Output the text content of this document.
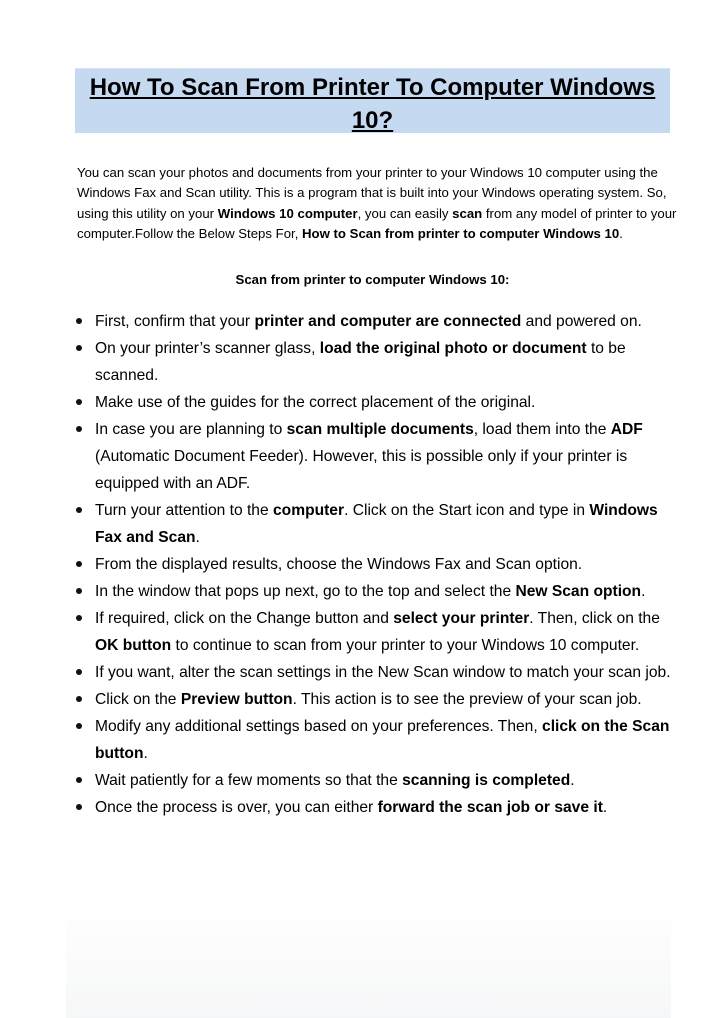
How To Scan From Printer To Computer Windows 10?

You can scan your photos and documents from your printer to your Windows 10 computer using the Windows Fax and Scan utility. This is a program that is built into your Windows operating system. So, using this utility on your Windows 10 computer, you can easily scan from any model of printer to your computer.Follow the Below Steps For, How to Scan from printer to computer Windows 10.

Scan from printer to computer Windows 10:

First, confirm that your printer and computer are connected and powered on.
On your printer’s scanner glass, load the original photo or document to be scanned.
Make use of the guides for the correct placement of the original.
In case you are planning to scan multiple documents, load them into the ADF (Automatic Document Feeder). However, this is possible only if your printer is equipped with an ADF.
Turn your attention to the computer. Click on the Start icon and type in Windows Fax and Scan.
From the displayed results, choose the Windows Fax and Scan option.
In the window that pops up next, go to the top and select the New Scan option.
If required, click on the Change button and select your printer. Then, click on the OK button to continue to scan from your printer to your Windows 10 computer.
If you want, alter the scan settings in the New Scan window to match your scan job.
Click on the Preview button. This action is to see the preview of your scan job.
Modify any additional settings based on your preferences. Then, click on the Scan button.
Wait patiently for a few moments so that the scanning is completed.
Once the process is over, you can either forward the scan job or save it.
